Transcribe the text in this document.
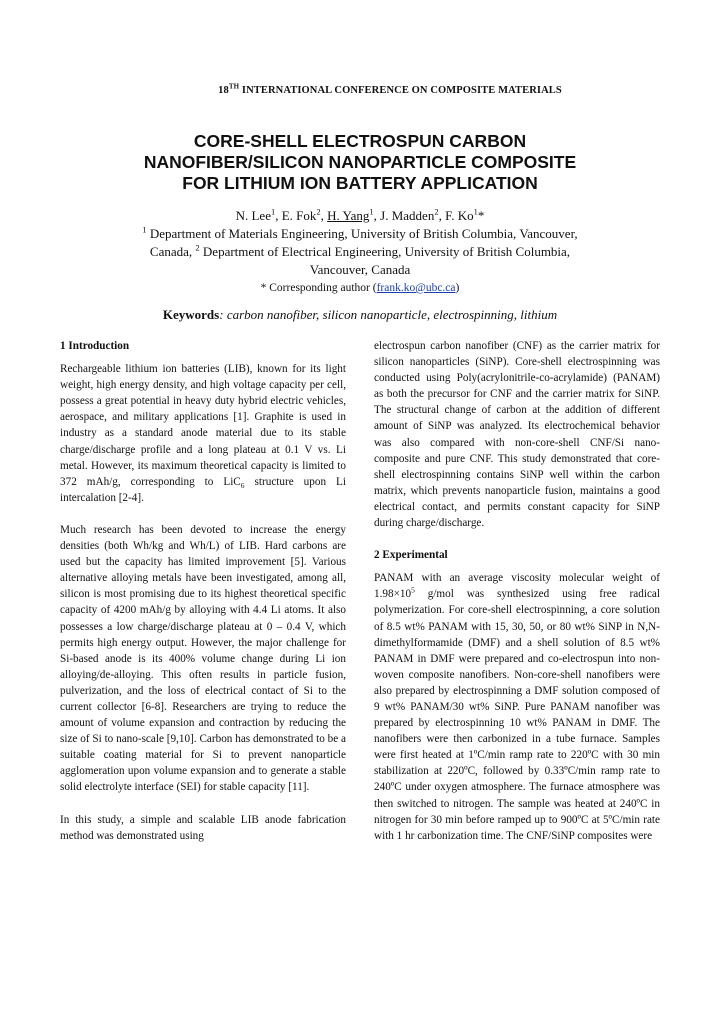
18TH INTERNATIONAL CONFERENCE ON COMPOSITE MATERIALS
CORE-SHELL ELECTROSPUN CARBON
NANOFIBER/SILICON NANOPARTICLE COMPOSITE
FOR LITHIUM ION BATTERY APPLICATION
N. Lee$^1$, E. Fok$^2$, H. Yang$^1$, J. Madden$^2$, F. Ko$^1$*
$^1$ Department of Materials Engineering, University of British Columbia, Vancouver,
Canada, $^2$ Department of Electrical Engineering, University of British Columbia,
Vancouver, Canada
* Corresponding author (frank.ko@ubc.ca)
Keywords: carbon nanofiber, silicon nanoparticle, electrospinning, lithium
1 Introduction

Rechargeable lithium ion batteries (LIB), known for its light weight, high energy density, and high voltage capacity per cell, possess a great potential in heavy duty hybrid electric vehicles, aerospace, and military applications [1]. Graphite is used in industry as a standard anode material due to its stable charge/discharge profile and a long plateau at 0.1 V vs. Li metal. However, its maximum theoretical capacity is limited to 372 mAh/g, corresponding to LiC$_6$ structure upon Li intercalation [2-4].

Much research has been devoted to increase the energy densities (both Wh/kg and Wh/L) of LIB. Hard carbons are used but the capacity has limited improvement [5]. Various alternative alloying metals have been investigated, among all, silicon is most promising due to its highest theoretical specific capacity of 4200 mAh/g by alloying with 4.4 Li atoms. It also possesses a low charge/discharge plateau at 0 – 0.4 V, which permits high energy output. However, the major challenge for Si-based anode is its 400% volume change during Li ion alloying/de-alloying. This often results in particle fusion, pulverization, and the loss of electrical contact of Si to the current collector [6-8]. Researchers are trying to reduce the amount of volume expansion and contraction by reducing the size of Si to nano-scale [9,10]. Carbon has demonstrated to be a suitable coating material for Si to prevent nanoparticle agglomeration upon volume expansion and to generate a stable solid electrolyte interface (SEI) for stable capacity [11].

In this study, a simple and scalable LIB anode fabrication method was demonstrated using

electrospun carbon nanofiber (CNF) as the carrier matrix for silicon nanoparticles (SiNP). Core-shell electrospinning was conducted using Poly(acrylonitrile-co-acrylamide) (PANAM) as both the precursor for CNF and the carrier matrix for SiNP. The structural change of carbon at the addition of different amount of SiNP was analyzed. Its electrochemical behavior was also compared with non-core-shell CNF/Si nano-composite and pure CNF. This study demonstrated that core-shell electrospinning contains SiNP well within the carbon matrix, which prevents nanoparticle fusion, maintains a good electrical contact, and permits constant capacity for SiNP during charge/discharge.

2 Experimental

PANAM with an average viscosity molecular weight of $1.98\times 10^5$ g/mol was synthesized using free radical polymerization. For core-shell electrospinning, a core solution of 8.5 wt% PANAM with 15, 30, 50, or 80 wt% SiNP in N,N-dimethylformamide (DMF) and a shell solution of 8.5 wt% PANAM in DMF were prepared and co-electrospun into non-woven composite nanofibers. Non-core-shell nanofibers were also prepared by electrospinning a DMF solution composed of 9 wt% PANAM/30 wt% SiNP. Pure PANAM nanofiber was prepared by electrospinning 10 wt% PANAM in DMF. The nanofibers were then carbonized in a tube furnace. Samples were first heated at 1ºC/min ramp rate to 220ºC with 30 min stabilization at 220ºC, followed by 0.33ºC/min ramp rate to 240ºC under oxygen atmosphere. The furnace atmosphere was then switched to nitrogen. The sample was heated at 240ºC in nitrogen for 30 min before ramped up to 900ºC at 5ºC/min rate with 1 hr carbonization time. The CNF/SiNP composites were
